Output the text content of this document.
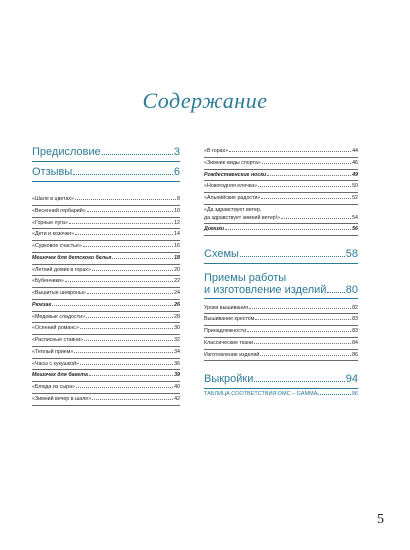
Содержание
Предисловие	3
Отзывы	6
«Шале в цветах»	8
«Весенний гербарий»	10
«Горные луга»	12
«Дети и козочки»	14
«Сурковое счастье»	16
Мешочек для детского белья	18
«Летний домик в горах»	20
«Бубенчики»	22
«Вышитые шевроны»	24
Рюкзак	26
«Медовые сладости»	28
«Осенний романс»	30
«Расписные ставни»	32
«Теплый прием»	34
«Часы с кукушкой»	36
Мешочек для багета	39
«Блюда из сыра»	40
«Зимний вечер в шале»	42
«В горах»	44
«Зимние виды спорта»	46
Рождественские носки	49
«Новогодняя елочка»	50
«Альпийские радости»	52
«Да здравствует ветер,
да здравствует зимний ветер!»	54
Домики	56
Схемы	58
Приемы работы
и изготовление изделий 80
Уроки вышивания	82
Вышивание крестом	83
Принадлежности	83
Классические ткани	84
Изготовление изделий	86
Выкройки	94
ТАБЛИЦА СООТВЕТСТВИЯ DMC – GAMMA	96
5
